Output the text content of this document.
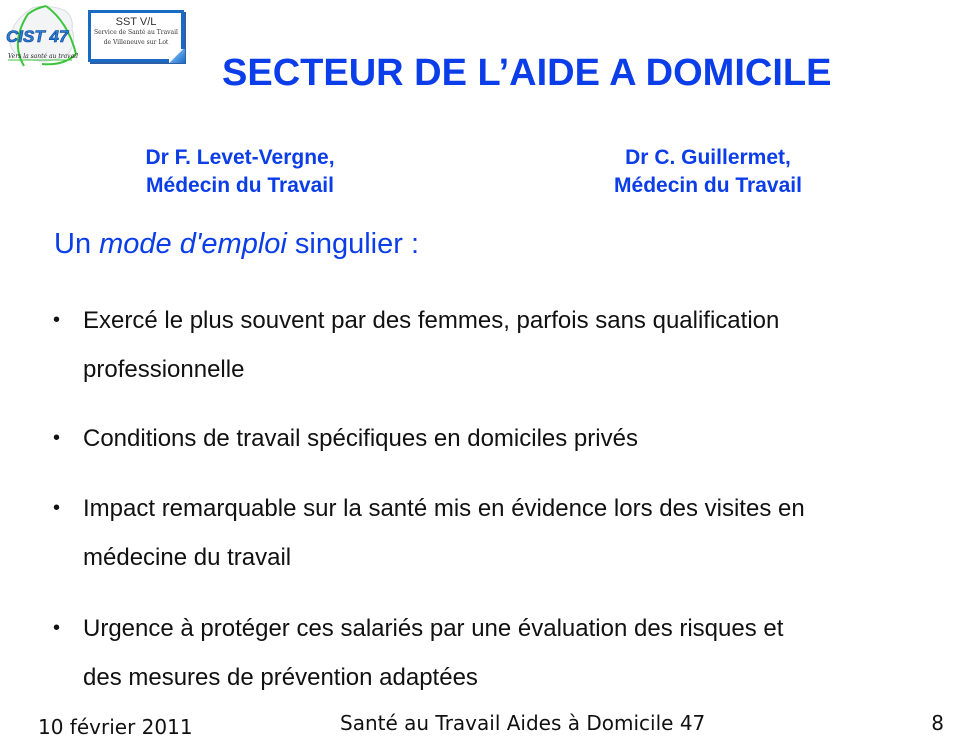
CIST 47
Vers la santé au travail
SST V/L
Service de Santé au Travail
de Villeneuve sur Lot
SECTEUR DE L’AIDE A DOMICILE
Dr F. Levet-Vergne,
Médecin du Travail
Dr C. Guillermet,
Médecin du Travail
Un mode d'emploi singulier :
• Exercé le plus souvent par des femmes, parfois sans qualification
professionnelle
• Conditions de travail spécifiques en domiciles privés
• Impact remarquable sur la santé mis en évidence lors des visites en
médecine du travail
• Urgence à protéger ces salariés par une évaluation des risques et
des mesures de prévention adaptées
10 février 2011	Santé au Travail Aides à Domicile 47	8
